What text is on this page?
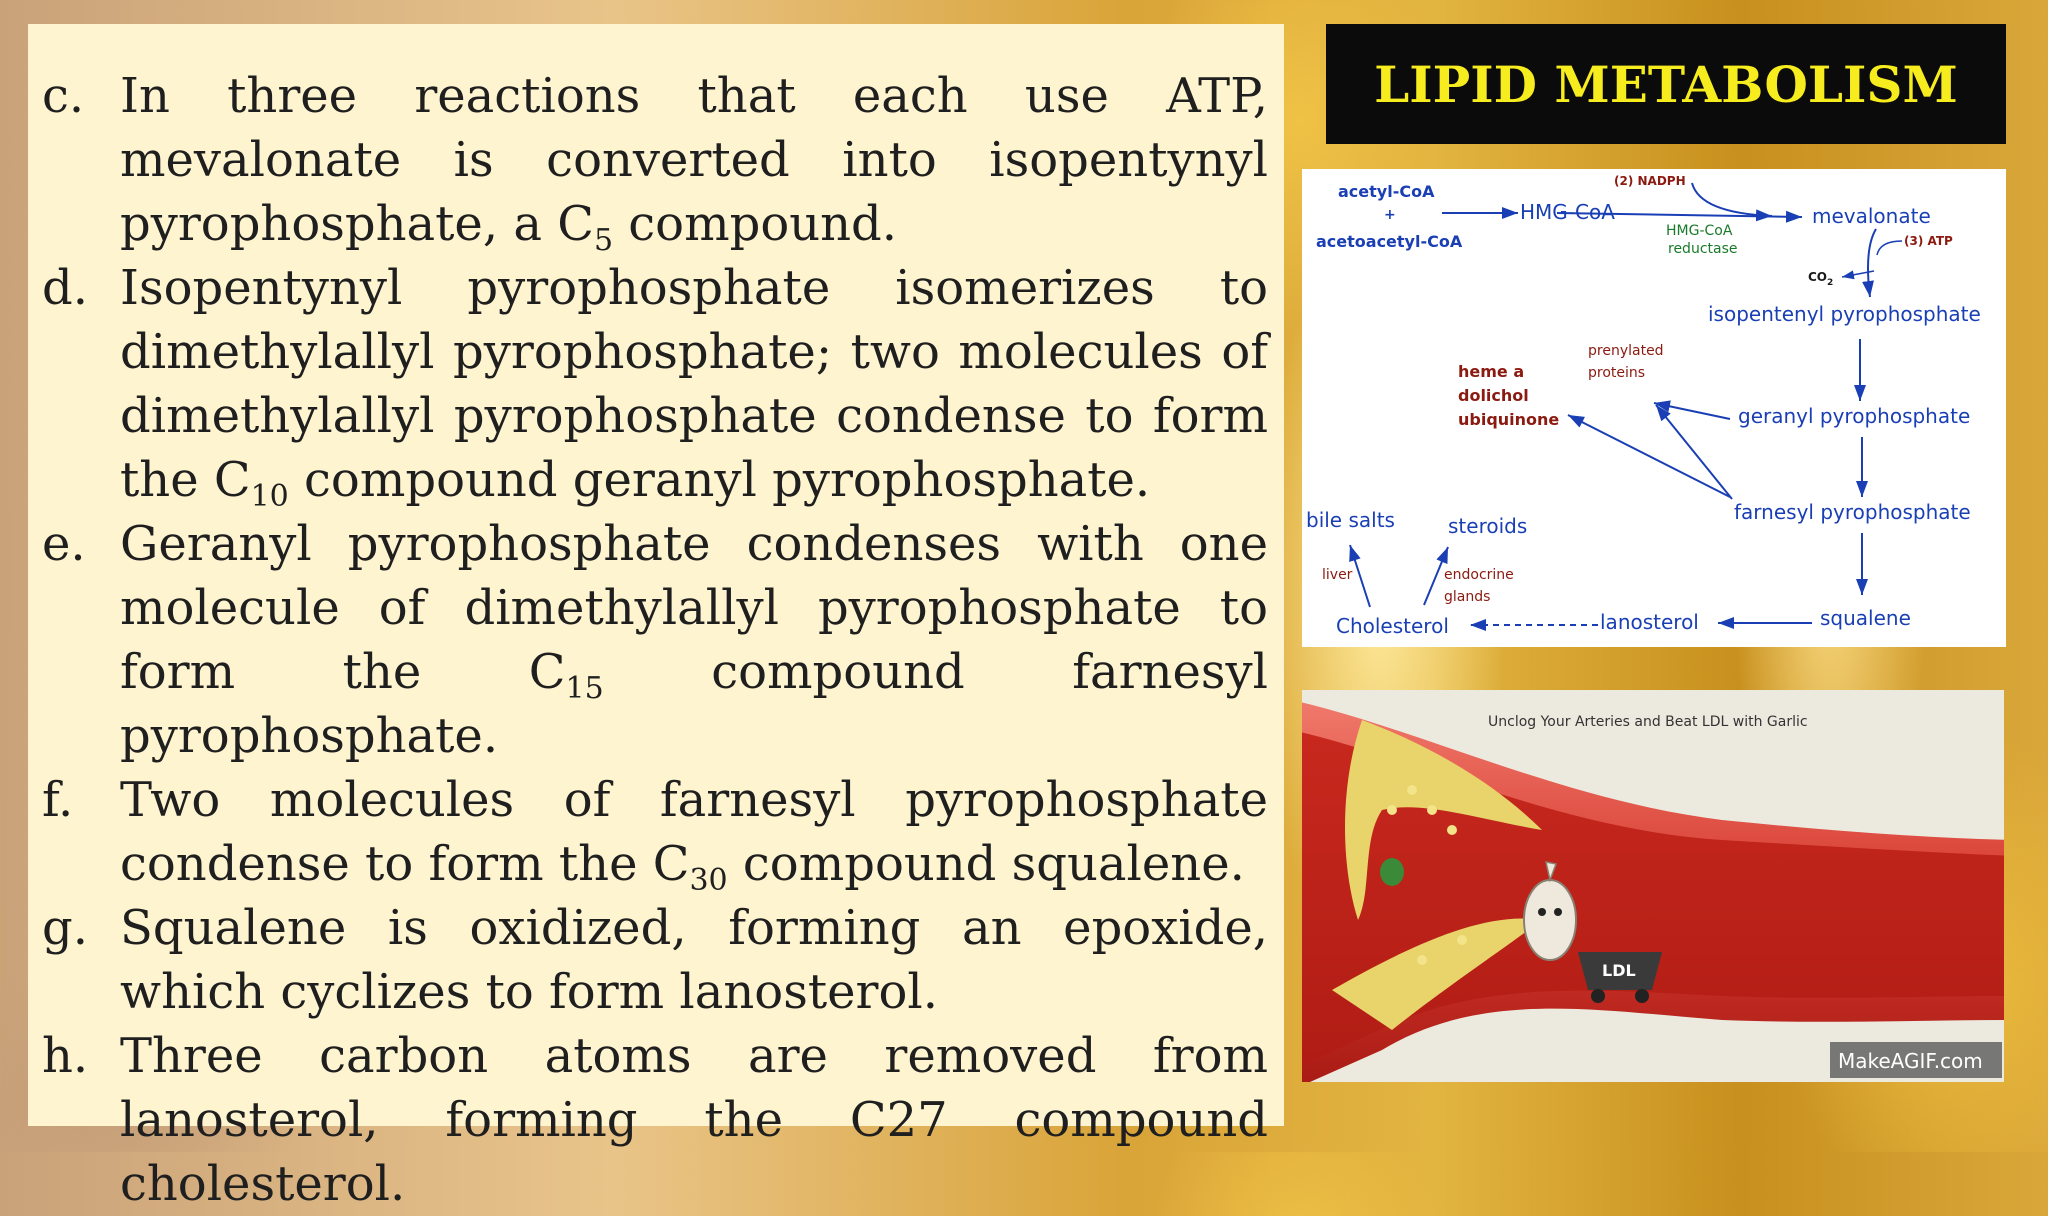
c. In three reactions that each use ATP, mevalonate is converted into isopentynyl pyrophosphate, a $C_5$ compound.
d. Isopentynyl pyrophosphate isomerizes to dimethylallyl pyrophosphate; two molecules of dimethylallyl pyrophosphate condense to form the $C_{10}$ compound geranyl pyrophosphate.
e. Geranyl pyrophosphate condenses with one molecule of dimethylallyl pyrophosphate to form the $C_{15}$ compound farnesyl pyrophosphate.
f. Two molecules of farnesyl pyrophosphate condense to form the $C_{30}$ compound squalene.
g. Squalene is oxidized, forming an epoxide, which cyclizes to form lanosterol.
h. Three carbon atoms are removed from lanosterol, forming the C27 compound cholesterol.
LIPID METABOLISM
acetyl-CoA
+
acetoacetyl-CoA
HMG-CoA
(2) NADPH
HMG-CoA
reductase
mevalonate
(3) ATP
$CO_2$
isopentenyl pyrophosphate
prenylated
proteins
heme a
dolichol
ubiquinone	geranyl pyrophosphate
farnesyl pyrophosphate
bile salts	steroids
liver	endocrine
glands
Cholesterol	lanosterol	squalene
LDL
Unclog Your Arteries and Beat LDL with Garlic
MakeAGIF.com
